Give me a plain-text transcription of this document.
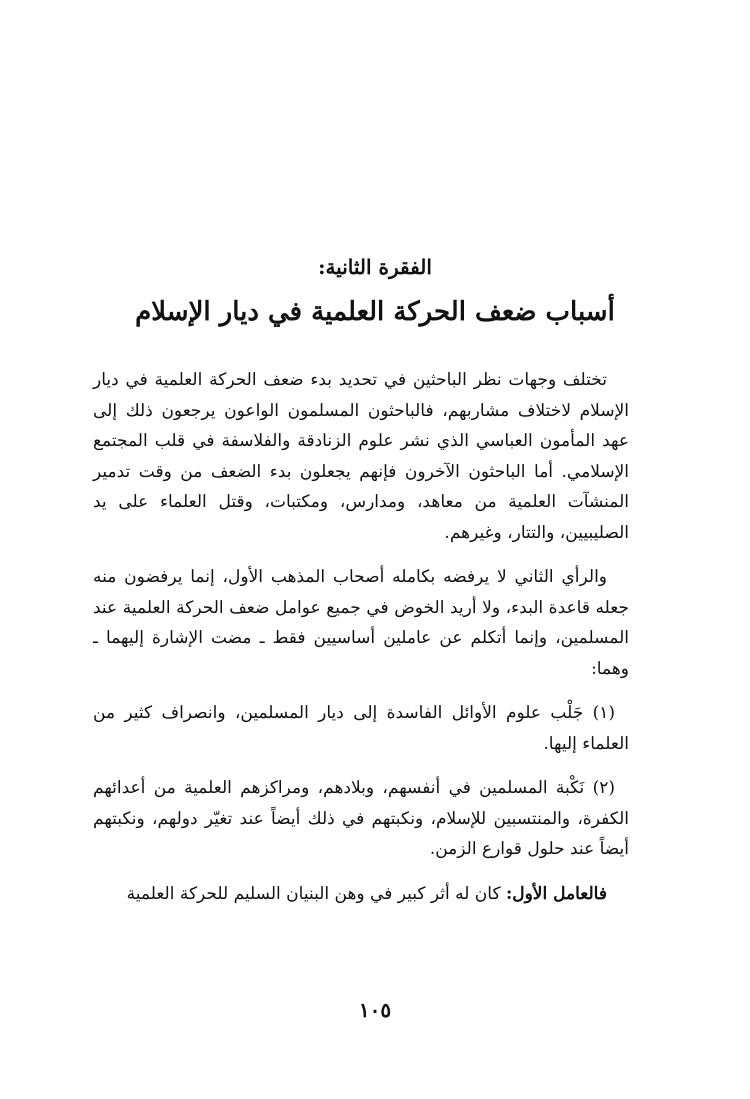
الفقرة الثانية:
أسباب ضعف الحركة العلمية في ديار الإسلام

تختلف وجهات نظر الباحثين في تحديد بدء ضعف الحركة العلمية في ديار الإسلام لاختلاف مشاربهم، فالباحثون المسلمون الواعون يرجعون ذلك إلى عهد المأمون العباسي الذي نشر علوم الزنادقة والفلاسفة في قلب المجتمع الإسلامي. أما الباحثون الآخرون فإنهم يجعلون بدء الضعف من وقت تدمير المنشآت العلمية من معاهد، ومدارس، ومكتبات، وقتل العلماء على يد الصليبيين، والتتار، وغيرهم.

والرأي الثاني لا يرفضه بكامله أصحاب المذهب الأول، إنما يرفضون منه جعله قاعدة البدء، ولا أريد الخوض في جميع عوامل ضعف الحركة العلمية عند المسلمين، وإنما أتكلم عن عاملين أساسيين فقط ـ مضت الإشارة إليهما ـ وهما:

(١) جَلْب علوم الأوائل الفاسدة إلى ديار المسلمين، وانصراف كثير من العلماء إليها.

(٢) نَكْبة المسلمين في أنفسهم، وبلادهم، ومراكزهم العلمية من أعدائهم الكفرة، والمنتسبين للإسلام، ونكبتهم في ذلك أيضاً عند تغيّر دولهم، ونكبتهم أيضاً عند حلول قوارع الزمن.

فالعامل الأول: كان له أثر كبير في وهن البنيان السليم للحركة العلمية

١٠٥
